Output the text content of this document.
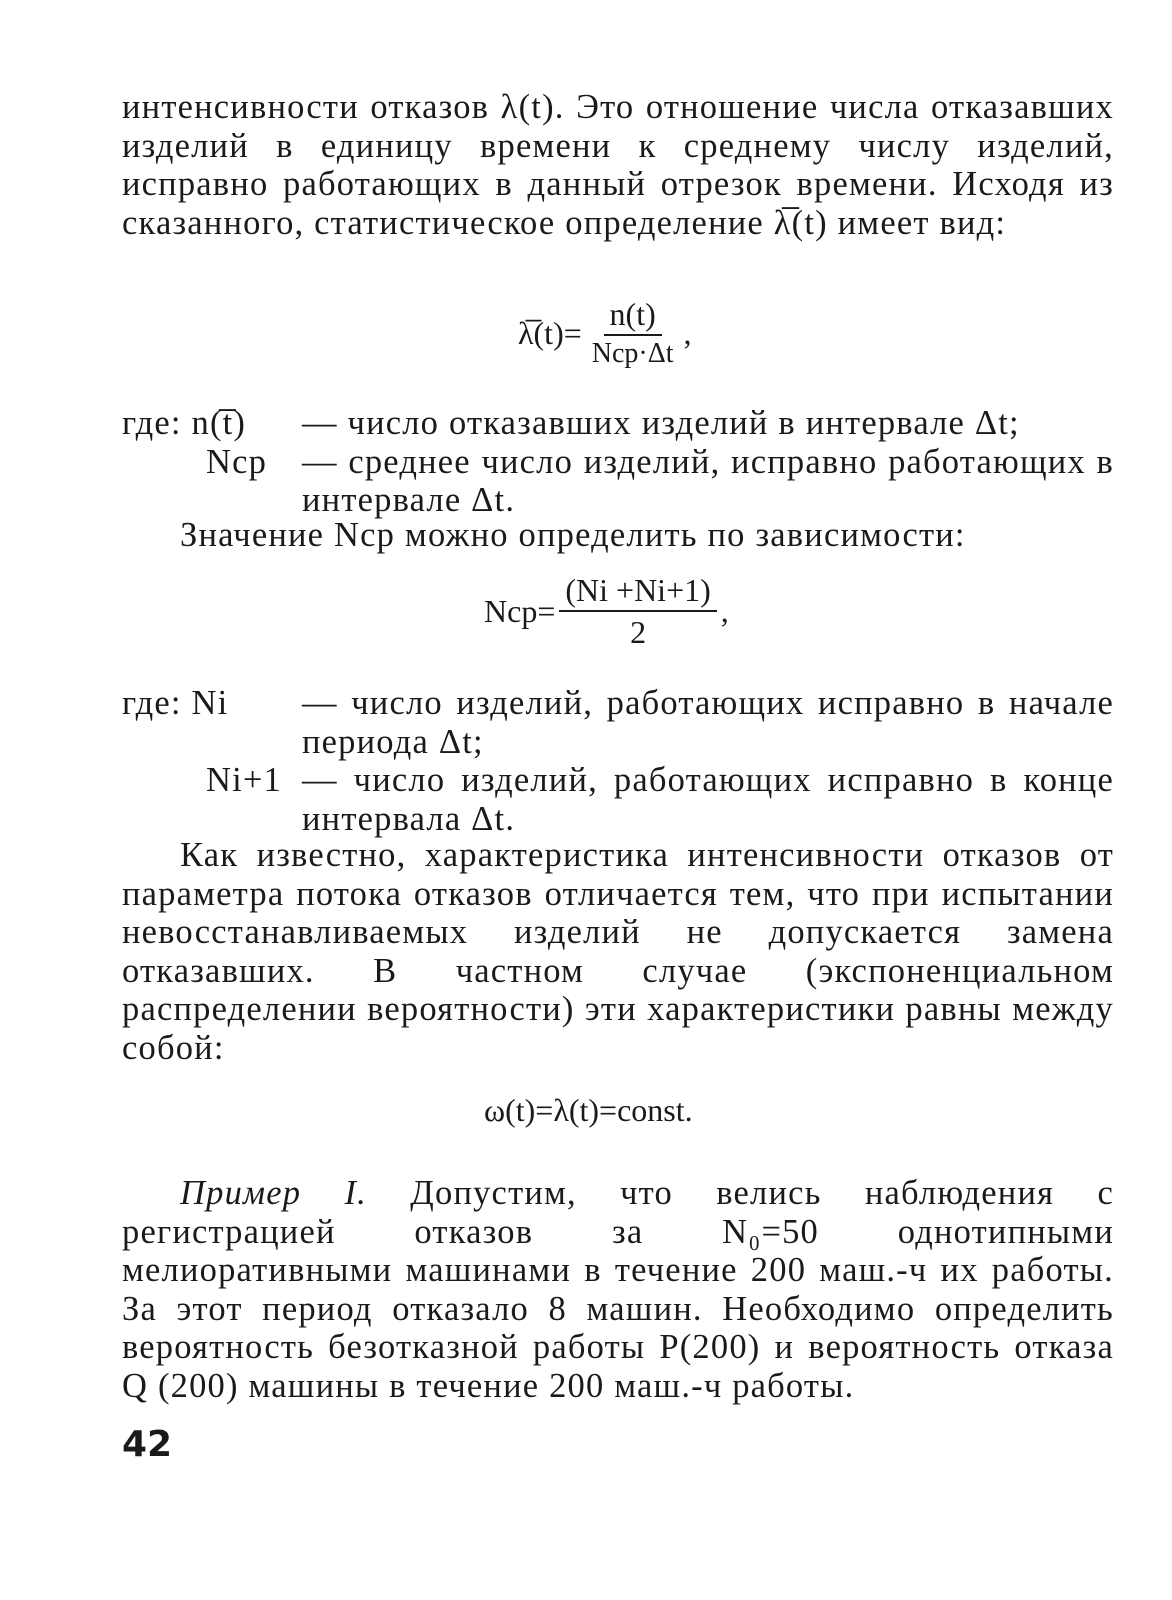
интенсивности отказов λ(t). Это отношение числа отказавших изделий в единицу времени к среднему числу изделий, исправно работающих в данный отрезок времени. Исходя из сказанного, статистическое определение λ̅(t) имеет вид:

λ̅(t)= $\frac{n(t)}{\text{Nср·Δt}}$ ,
где: n(t̅) — число отказавших изделий в интервале Δt;
Nср — среднее число изделий, исправно работающих в интервале Δt.

Значение Nср можно определить по зависимости:

$Nср= \frac{(Ni +Ni+1)}{2}$ ,
где: Ni — число изделий, работающих исправно в начале периода Δt;
Ni+1 — число изделий, работающих исправно в конце интервала Δt.

Как известно, характеристика интенсивности отказов от параметра потока отказов отличается тем, что при испытании невосстанавливаемых изделий не допускается замена отказавших. В частном случае (экспоненциальном распределении вероятности) эти характеристики равны между собой:

ω(t)=λ(t)=const.

Пример I. Допустим, что велись наблюдения с регистрацией отказов за N₀=50 однотипными мелиоративными машинами в течение 200 маш.-ч их работы. За этот период отказало 8 машин. Необходимо определить вероятность безотказной работы P(200) и вероятность отказа Q (200) машины в течение 200 маш.-ч работы.

42
